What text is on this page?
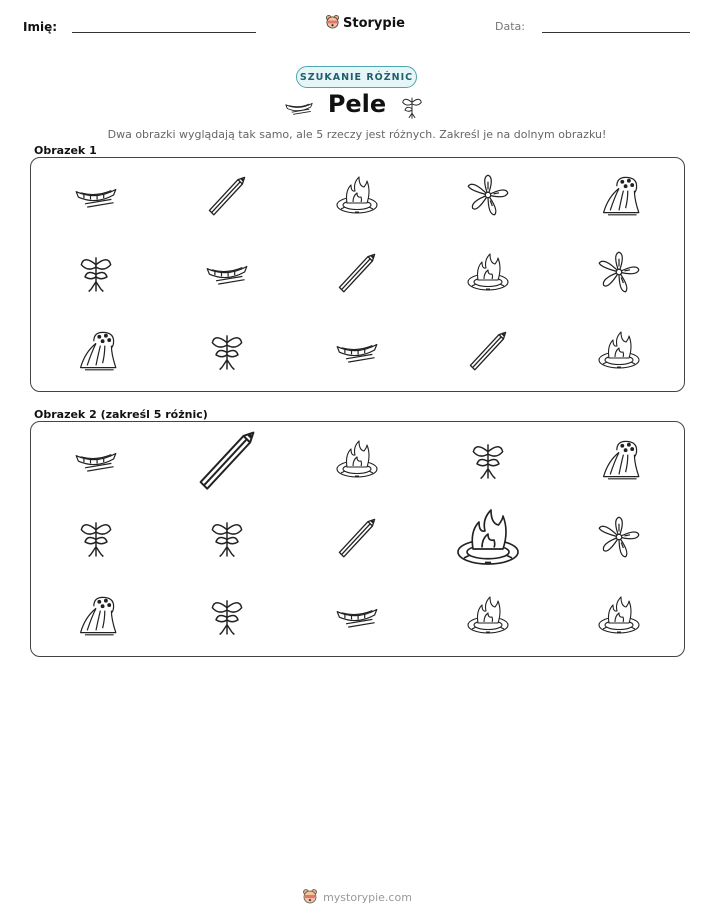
Imię:	Storypie	Data:
SZUKANIE RÓŻNIC
Pele
Dwa obrazki wyglądają tak samo, ale 5 rzeczy jest różnych. Zakreśl je na dolnym obrazku!
Obrazek 1
Obrazek 2 (zakreśl 5 różnic)
mystorypie.com
